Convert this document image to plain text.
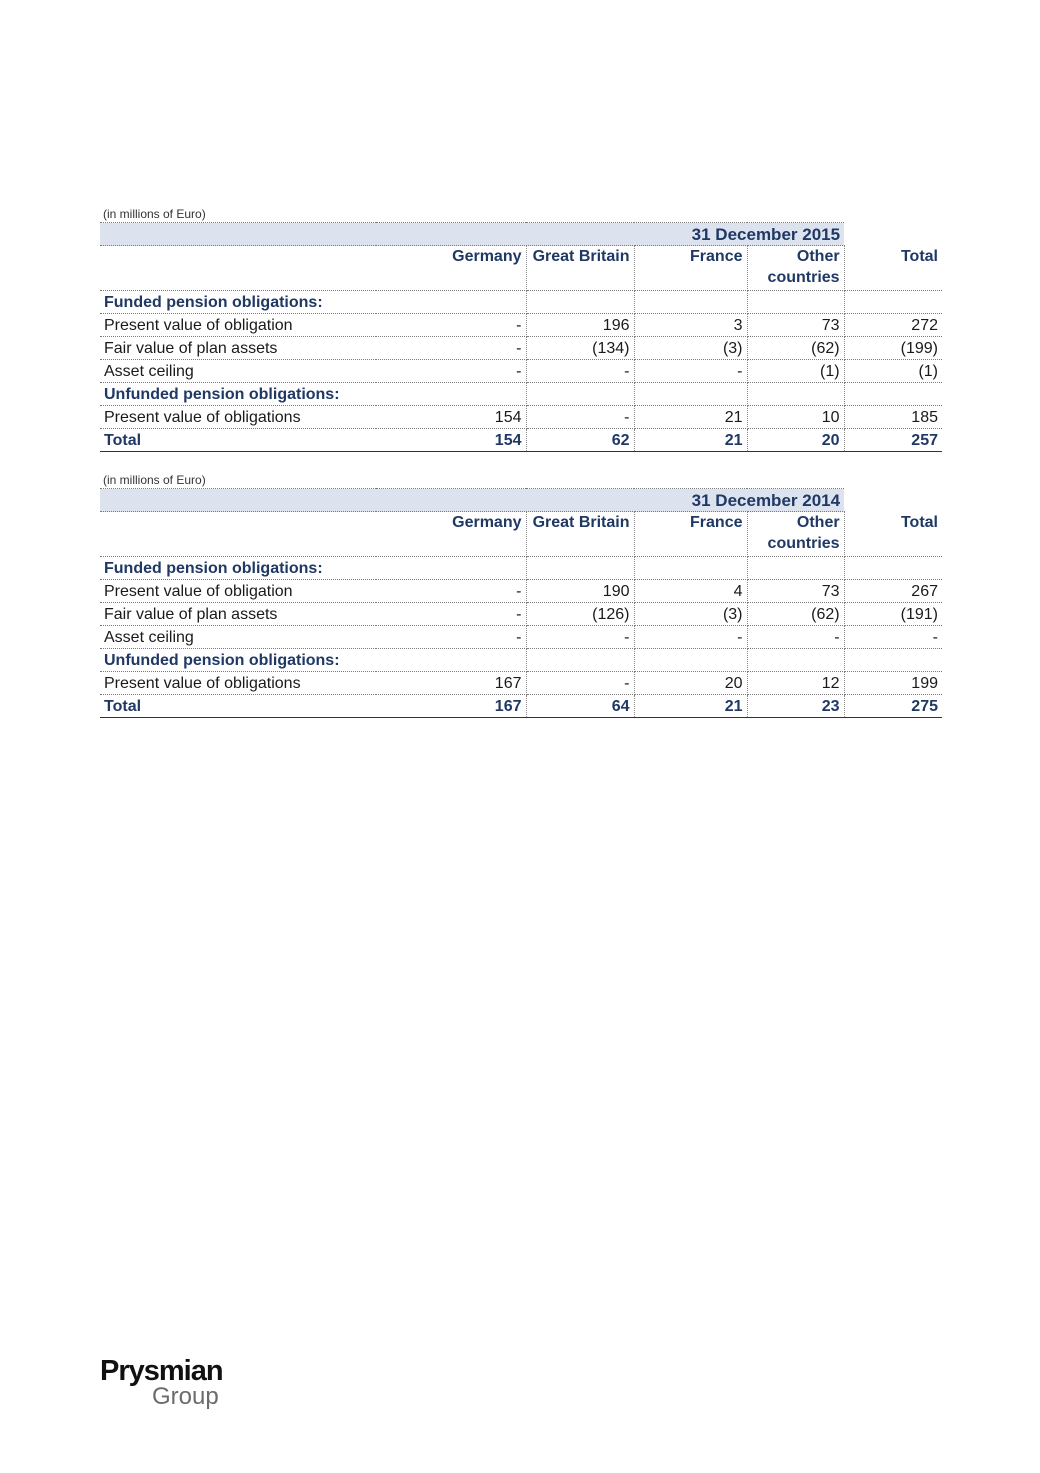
(in millions of Euro)
31 December 2015					
	Germany	Great Britain	France	Other countries	Total
Funded pension obligations:					
Present value of obligation	-	196	3	73	272
Fair value of plan assets	-	(134)	(3)	(62)	(199)
Asset ceiling	-	-	-	(1)	(1)
Unfunded pension obligations:					
Present value of obligations	154	-	21	10	185
Total	154	62	21	20	257
(in millions of Euro)
31 December 2014					
	Germany	Great Britain	France	Other countries	Total
Funded pension obligations:					
Present value of obligation	-	190	4	73	267
Fair value of plan assets	-	(126)	(3)	(62)	(191)
Asset ceiling	-	-	-	-	-
Unfunded pension obligations:					
Present value of obligations	167	-	20	12	199
Total	167	64	21	23	275
Prysmian
Group
